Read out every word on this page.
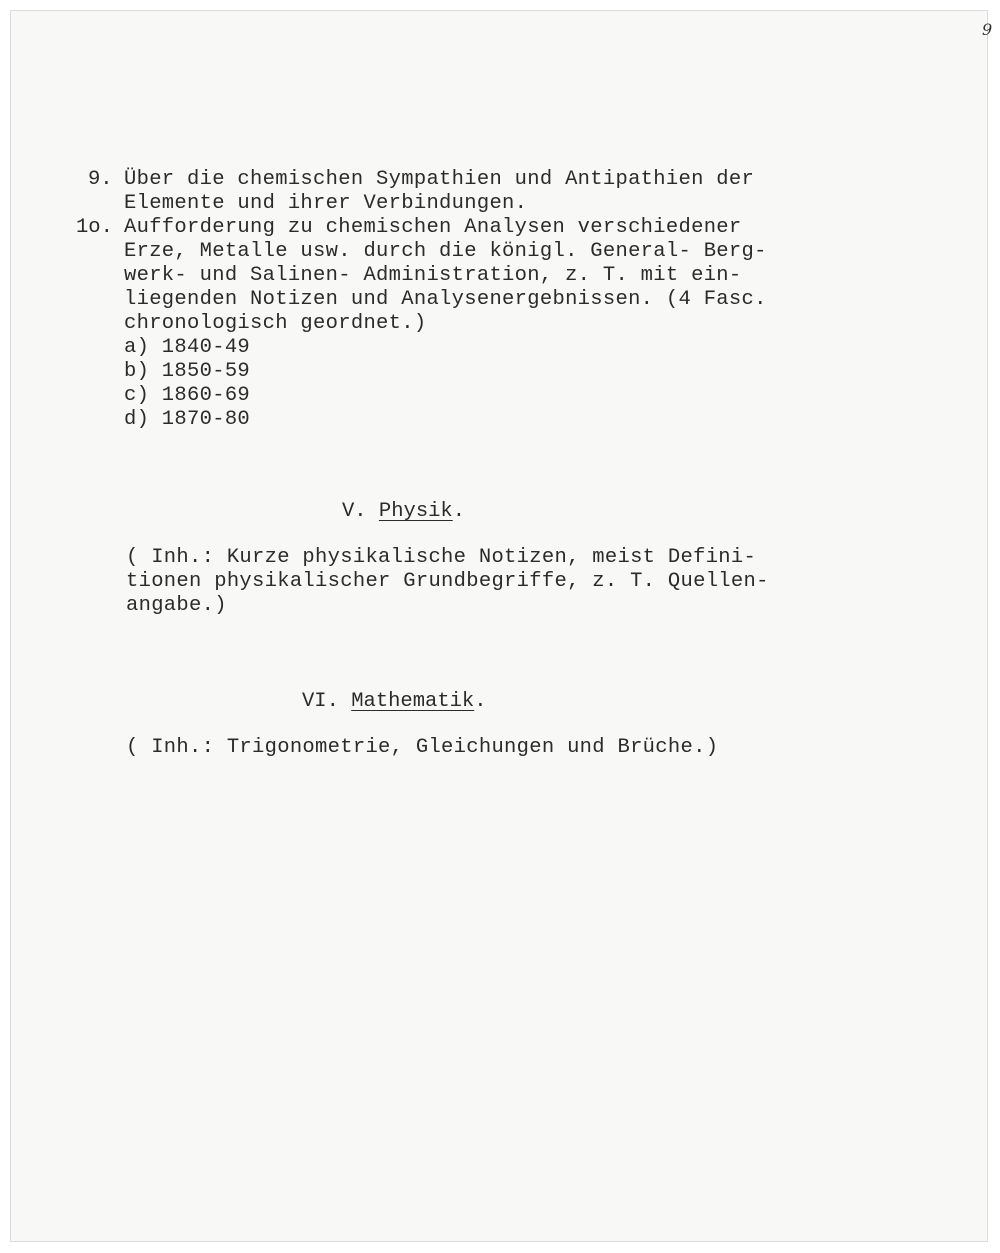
9
9. Über die chemischen Sympathien und Antipathien der
Elemente und ihrer Verbindungen.
1o. Aufforderung zu chemischen Analysen verschiedener
Erze, Metalle usw. durch die königl. General- Berg-
werk- und Salinen- Administration, z. T. mit ein-
liegenden Notizen und Analysenergebnissen. (4 Fasc.
chronologisch geordnet.)
a) 1840-49
b) 1850-59
c) 1860-69
d) 1870-80
V. Physik.
( Inh.: Kurze physikalische Notizen, meist Defini-
tionen physikalischer Grundbegriffe, z. T. Quellen-
angabe.)
VI. Mathematik.
( Inh.: Trigonometrie, Gleichungen und Brüche.)
